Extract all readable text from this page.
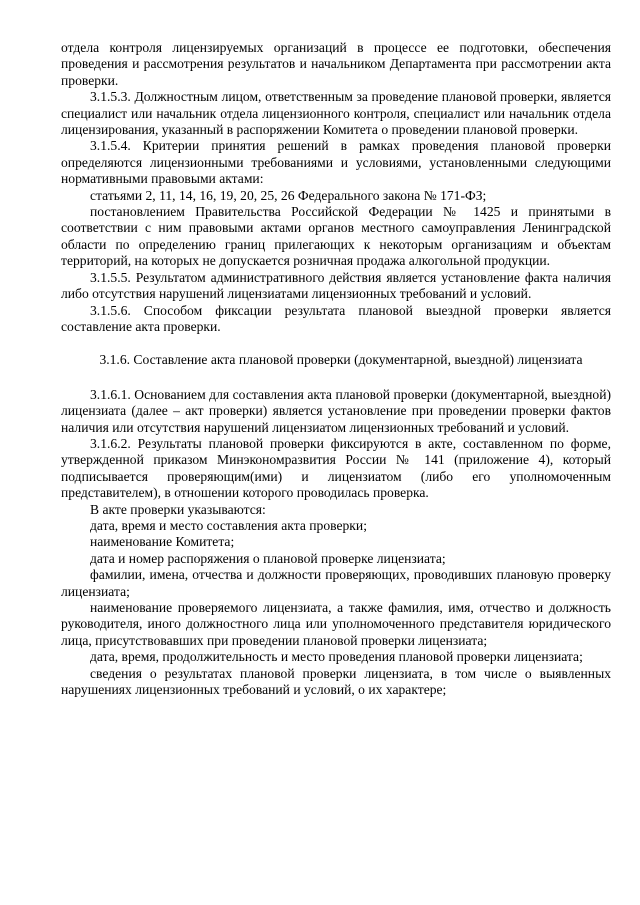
отдела контроля лицензируемых организаций в процессе ее подготовки, обеспечения проведения и рассмотрения результатов и начальником Департамента при рассмотрении акта проверки.

3.1.5.3. Должностным лицом, ответственным за проведение плановой проверки, является специалист или начальник отдела лицензионного контроля, специалист или начальник отдела лицензирования, указанный в распоряжении Комитета о проведении плановой проверки.

3.1.5.4. Критерии принятия решений в рамках проведения плановой проверки определяются лицензионными требованиями и условиями, установленными следующими нормативными правовыми актами:

статьями 2, 11, 14, 16, 19, 20, 25, 26 Федерального закона № 171-ФЗ;

постановлением Правительства Российской Федерации № 1425 и принятыми в соответствии с ним правовыми актами органов местного самоуправления Ленинградской области по определению границ прилегающих к некоторым организациям и объектам территорий, на которых не допускается розничная продажа алкогольной продукции.

3.1.5.5. Результатом административного действия является установление факта наличия либо отсутствия нарушений лицензиатами лицензионных требований и условий.

3.1.5.6. Способом фиксации результата плановой выездной проверки является составление акта проверки.

3.1.6. Составление акта плановой проверки (документарной, выездной) лицензиата

3.1.6.1. Основанием для составления акта плановой проверки (документарной, выездной) лицензиата (далее – акт проверки) является установление при проведении проверки фактов наличия или отсутствия нарушений лицензиатом лицензионных требований и условий.

3.1.6.2. Результаты плановой проверки фиксируются в акте, составленном по форме, утвержденной приказом Минэкономразвития России № 141 (приложение 4), который подписывается проверяющим(ими) и лицензиатом (либо его уполномоченным представителем), в отношении которого проводилась проверка.

В акте проверки указываются:

дата, время и место составления акта проверки;

наименование Комитета;

дата и номер распоряжения о плановой проверке лицензиата;

фамилии, имена, отчества и должности проверяющих, проводивших плановую проверку лицензиата;

наименование проверяемого лицензиата, а также фамилия, имя, отчество и должность руководителя, иного должностного лица или уполномоченного представителя юридического лица, присутствовавших при проведении плановой проверки лицензиата;

дата, время, продолжительность и место проведения плановой проверки лицензиата;

сведения о результатах плановой проверки лицензиата, в том числе о выявленных нарушениях лицензионных требований и условий, о их характере;
